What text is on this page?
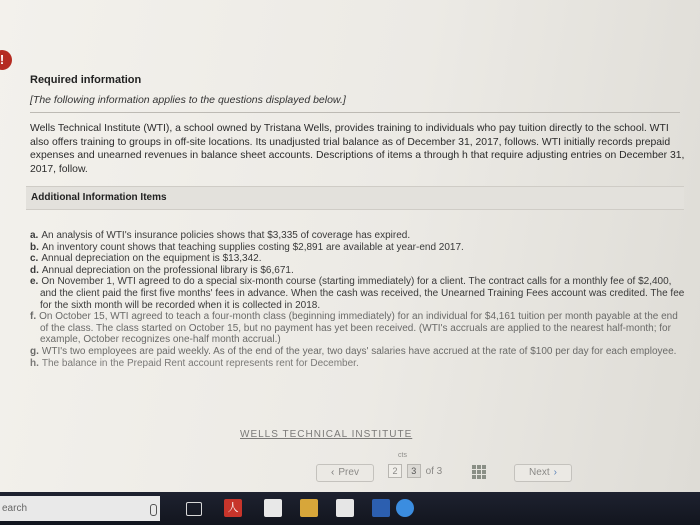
!
Required information
[The following information applies to the questions displayed below.]
Wells Technical Institute (WTI), a school owned by Tristana Wells, provides training to individuals who pay tuition directly to the school. WTI also offers training to groups in off-site locations. Its unadjusted trial balance as of December 31, 2017, follows. WTI initially records prepaid expenses and unearned revenues in balance sheet accounts. Descriptions of items a through h that require adjusting entries on December 31, 2017, follow.
Additional Information Items
a. An analysis of WTI's insurance policies shows that $3,335 of coverage has expired.
b. An inventory count shows that teaching supplies costing $2,891 are available at year-end 2017.
c. Annual depreciation on the equipment is $13,342.
d. Annual depreciation on the professional library is $6,671.
e. On November 1, WTI agreed to do a special six-month course (starting immediately) for a client. The contract calls for a monthly fee of $2,400, and the client paid the first five months' fees in advance. When the cash was received, the Unearned Training Fees account was credited. The fee for the sixth month will be recorded when it is collected in 2018.
f. On October 15, WTI agreed to teach a four-month class (beginning immediately) for an individual for $4,161 tuition per month payable at the end of the class. The class started on October 15, but no payment has yet been received. (WTI's accruals are applied to the nearest half-month; for example, October recognizes one-half month accrual.)
g. WTI's two employees are paid weekly. As of the end of the year, two days' salaries have accrued at the rate of $100 per day for each employee.
h. The balance in the Prepaid Rent account represents rent for December.
WELLS TECHNICAL INSTITUTE
‹ Prev
cts
2 3 of 3	Next ›
earch	人
